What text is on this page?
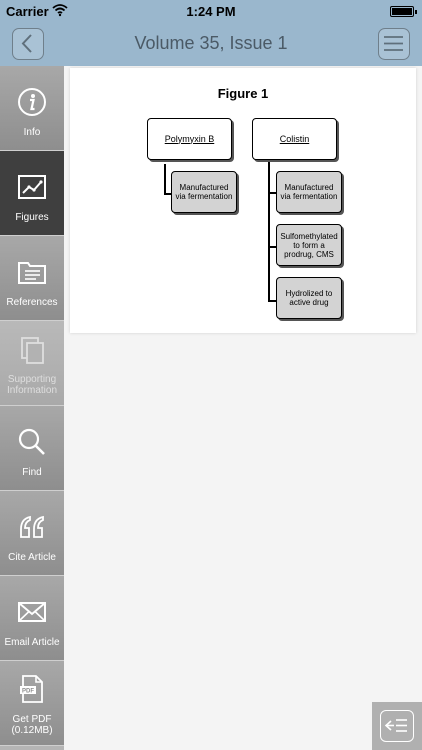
Carrier	1:24 PM
Volume 35, Issue 1
Info
Figures
References
Supporting Information
Find
Cite Article
Email Article
PDF
Get PDF (0.12MB)
Figure 1
Polymyxin B
Manufactured via fermentation
Colistin
Manufactured via fermentation
Sulfomethylated to form a prodrug, CMS
Hydrolized to active drug
